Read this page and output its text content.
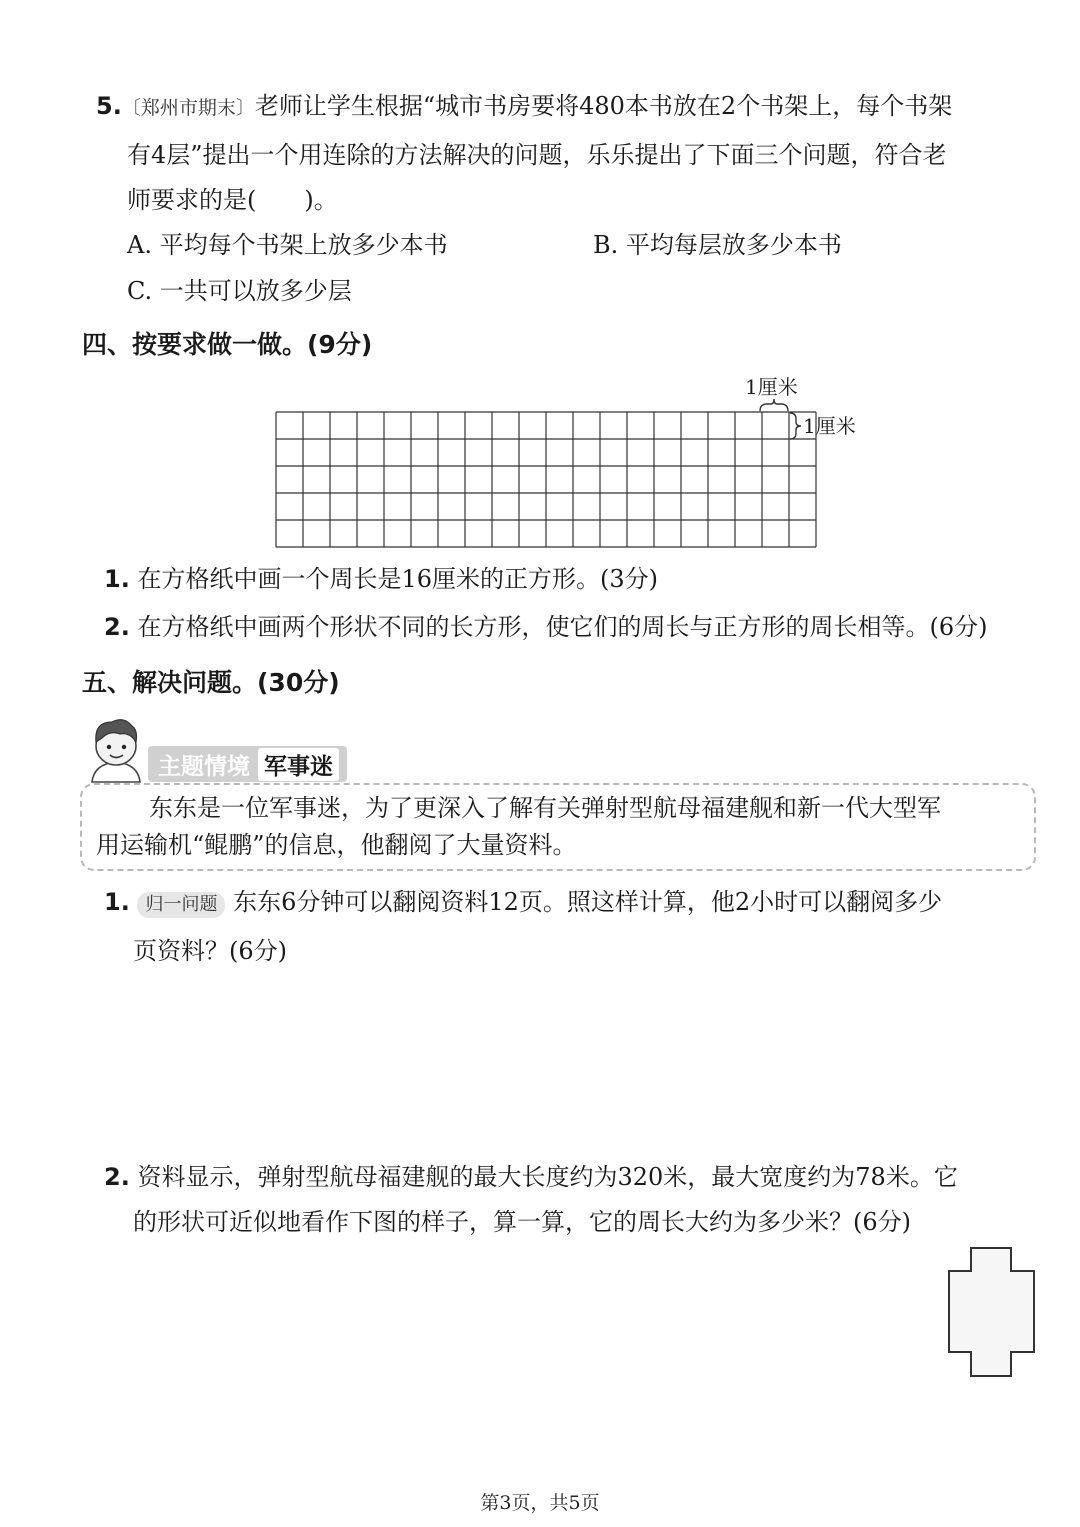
5.〔郑州市期末〕老师让学生根据“城市书房要将480本书放在2个书架上，每个书架
有4层”提出一个用连除的方法解决的问题，乐乐提出了下面三个问题，符合老
师要求的是(　　)。
A. 平均每个书架上放多少本书	B. 平均每层放多少本书
C. 一共可以放多少层
四、按要求做一做。(9分)
1厘米
1厘米
1. 在方格纸中画一个周长是16厘米的正方形。(3分)
2. 在方格纸中画两个形状不同的长方形，使它们的周长与正方形的周长相等。(6分)
五、解决问题。(30分)
主题情境 军事迷
东东是一位军事迷，为了更深入了解有关弹射型航母福建舰和新一代大型军
用运输机“鲲鹏”的信息，他翻阅了大量资料。
1. 归一问题 东东6分钟可以翻阅资料12页。照这样计算，他2小时可以翻阅多少
页资料？(6分)
2. 资料显示，弹射型航母福建舰的最大长度约为320米，最大宽度约为78米。它
的形状可近似地看作下图的样子，算一算，它的周长大约为多少米？(6分)
第3页，共5页
